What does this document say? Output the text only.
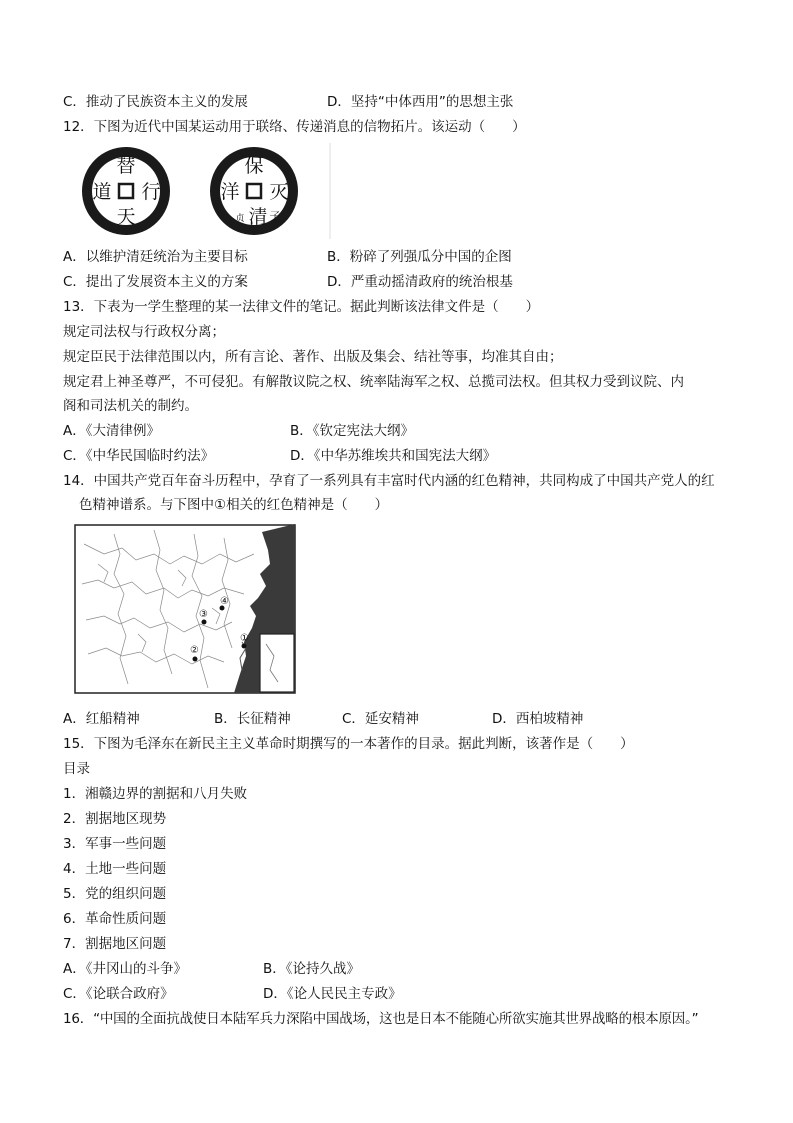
C．推动了民族资本主义的发展	D．坚持“中体西用”的思想主张
12．下图为近代中国某运动用于联络、传递消息的信物拓片。该运动（　　）
替
行
天
道
保
灭
清
洋
贞 子
A．以维护清廷统治为主要目标	B．粉碎了列强瓜分中国的企图
C．提出了发展资本主义的方案	D．严重动摇清政府的统治根基
13．下表为一学生整理的某一法律文件的笔记。据此判断该法律文件是（　　）
规定司法权与行政权分离；
规定臣民于法律范围以内，所有言论、著作、出版及集会、结社等事，均准其自由；
规定君上神圣尊严，不可侵犯。有解散议院之权、统率陆海军之权、总揽司法权。但其权力受到议院、内
阁和司法机关的制约。
A．《大清律例》	B．《钦定宪法大纲》
C．《中华民国临时约法》	D．《中华苏维埃共和国宪法大纲》
14．中国共产党百年奋斗历程中，孕育了一系列具有丰富时代内涵的红色精神，共同构成了中国共产党人的红
色精神谱系。与下图中①相关的红色精神是（　　）
①
②
③
④
A．红船精神	B．长征精神	C．延安精神	D．西柏坡精神
15．下图为毛泽东在新民主主义革命时期撰写的一本著作的目录。据此判断，该著作是（　　）
目录
1．湘赣边界的割据和八月失败
2．割据地区现势
3．军事一些问题
4．土地一些问题
5．党的组织问题
6．革命性质问题
7．割据地区问题
A．《井冈山的斗争》	B．《论持久战》
C．《论联合政府》	D．《论人民民主专政》
16．“中国的全面抗战使日本陆军兵力深陷中国战场，这也是日本不能随心所欲实施其世界战略的根本原因。”
